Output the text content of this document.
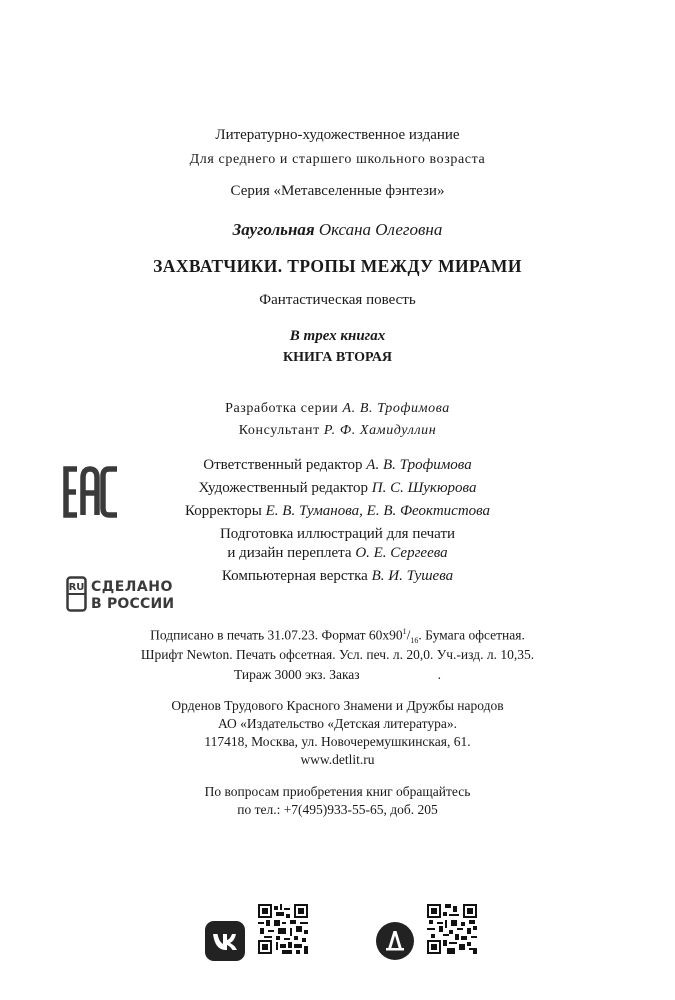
Литературно-художественное издание
Для среднего и старшего школьного возраста
Серия «Метавселенные фэнтези»
Заугольная Оксана Олеговна
ЗАХВАТЧИКИ. ТРОПЫ МЕЖДУ МИРАМИ
Фантастическая повесть
В трех книгах
КНИГА ВТОРАЯ
Разработка серии А. В. Трофимова
Консультант Р. Ф. Хамидуллин
Ответственный редактор А. В. Трофимова
Художественный редактор П. С. Шукюрова
Корректоры Е. В. Туманова, Е. В. Феоктистова
Подготовка иллюстраций для печати
и дизайн переплета О. Е. Сергеева
Компьютерная верстка В. И. Тушева
RU СДЕЛАНО
В РОССИИ
Подписано в печать 31.07.23. Формат $60x90^1/_{16}$. Бумага офсетная.
Шрифт Newton. Печать офсетная. Усл. печ. л. 20,0. Уч.-изд. л. 10,35.
Тираж 3000 экз. Заказ	.
Орденов Трудового Красного Знамени и Дружбы народов
АО «Издательство «Детская литература».
117418, Москва, ул. Новочеремушкинская, 61.
www.detlit.ru
По вопросам приобретения книг обращайтесь
по тел.: +7(495)933-55-65, доб. 205
